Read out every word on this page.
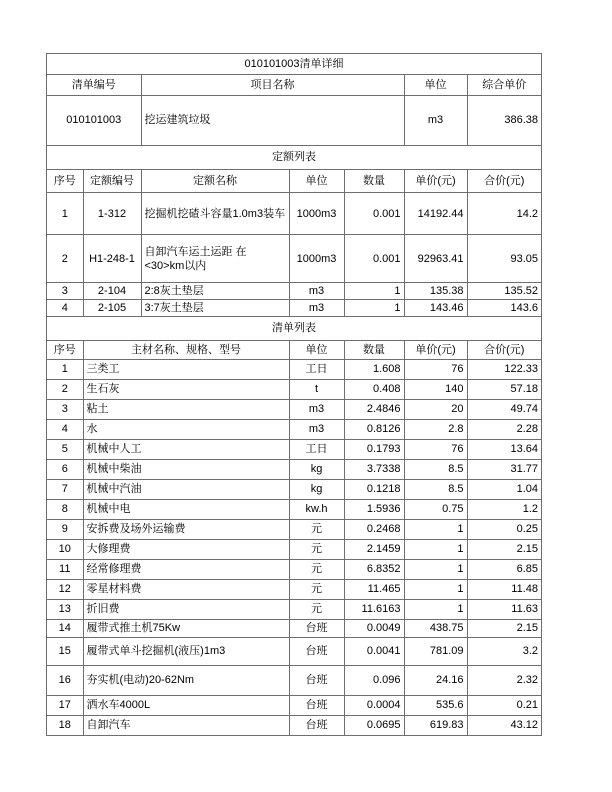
010101003清单详细
清单编号	项目名称	单位	综合单价
010101003	挖运建筑垃圾	m3	386.38
定额列表
序号	定额编号	定额名称	单位	数量	单价(元)	合价(元)
1	1-312	挖掘机挖碴斗容量1.0m3装车	1000m3	0.001	14192.44	14.2
2	H1-248-1	自卸汽车运土运距 在<30>km以内	1000m3	0.001	92963.41	93.05
3	2-104	2:8灰土垫层	m3	1	135.38	135.52
4	2-105	3:7灰土垫层	m3	1	143.46	143.6
清单列表
序号	主材名称、规格、型号	单位	数量	单价(元)	合价(元)
1	三类工	工日	1.608	76	122.33
2	生石灰	t	0.408	140	57.18
3	粘土	m3	2.4846	20	49.74
4	水	m3	0.8126	2.8	2.28
5	机械中人工	工日	0.1793	76	13.64
6	机械中柴油	kg	3.7338	8.5	31.77
7	机械中汽油	kg	0.1218	8.5	1.04
8	机械中电	kw.h	1.5936	0.75	1.2
9	安拆费及场外运输费	元	0.2468	1	0.25
10	大修理费	元	2.1459	1	2.15
11	经常修理费	元	6.8352	1	6.85
12	零星材料费	元	11.465	1	11.48
13	折旧费	元	11.6163	1	11.63
14	履带式推土机75Kw	台班	0.0049	438.75	2.15
15	履带式单斗挖掘机(液压)1m3	台班	0.0041	781.09	3.2
16	夯实机(电动)20-62Nm	台班	0.096	24.16	2.32
17	洒水车4000L	台班	0.0004	535.6	0.21
18	自卸汽车	台班	0.0695	619.83	43.12
